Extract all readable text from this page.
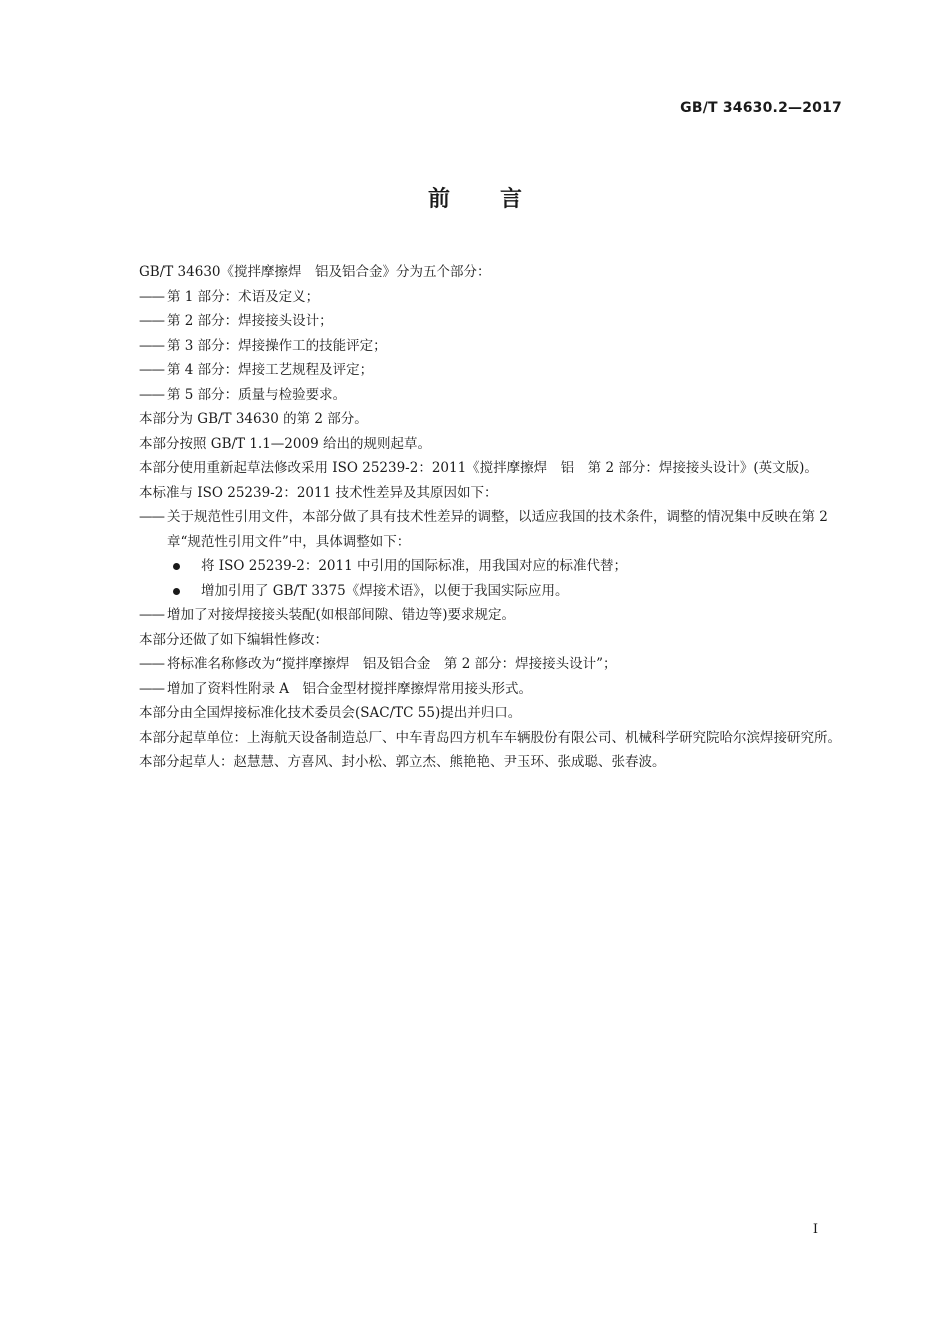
GB/T 34630.2—2017
前言

GB/T 34630《搅拌摩擦焊　铝及铝合金》分为五个部分：

—— 第 1 部分：术语及定义；

—— 第 2 部分：焊接接头设计；

—— 第 3 部分：焊接操作工的技能评定；

—— 第 4 部分：焊接工艺规程及评定；

—— 第 5 部分：质量与检验要求。

本部分为 GB/T 34630 的第 2 部分。

本部分按照 GB/T 1.1—2009 给出的规则起草。

本部分使用重新起草法修改采用 ISO 25239-2：2011《搅拌摩擦焊　铝　第 2 部分：焊接接头设计》(英文版)。

本标准与 ISO 25239-2：2011 技术性差异及其原因如下：

—— 关于规范性引用文件，本部分做了具有技术性差异的调整，以适应我国的技术条件，调整的情况集中反映在第 2 章“规范性引用文件”中，具体调整如下：

将 ISO 25239-2：2011 中引用的国际标准，用我国对应的标准代替；

增加引用了 GB/T 3375《焊接术语》，以便于我国实际应用。

—— 增加了对接焊接接头装配(如根部间隙、错边等)要求规定。

本部分还做了如下编辑性修改：

—— 将标准名称修改为“搅拌摩擦焊　铝及铝合金　第 2 部分：焊接接头设计”；

—— 增加了资料性附录 A　铝合金型材搅拌摩擦焊常用接头形式。

本部分由全国焊接标准化技术委员会(SAC/TC 55)提出并归口。

本部分起草单位：上海航天设备制造总厂、中车青岛四方机车车辆股份有限公司、机械科学研究院哈尔滨焊接研究所。

本部分起草人：赵慧慧、方喜风、封小松、郭立杰、熊艳艳、尹玉环、张成聪、张春波。

I
